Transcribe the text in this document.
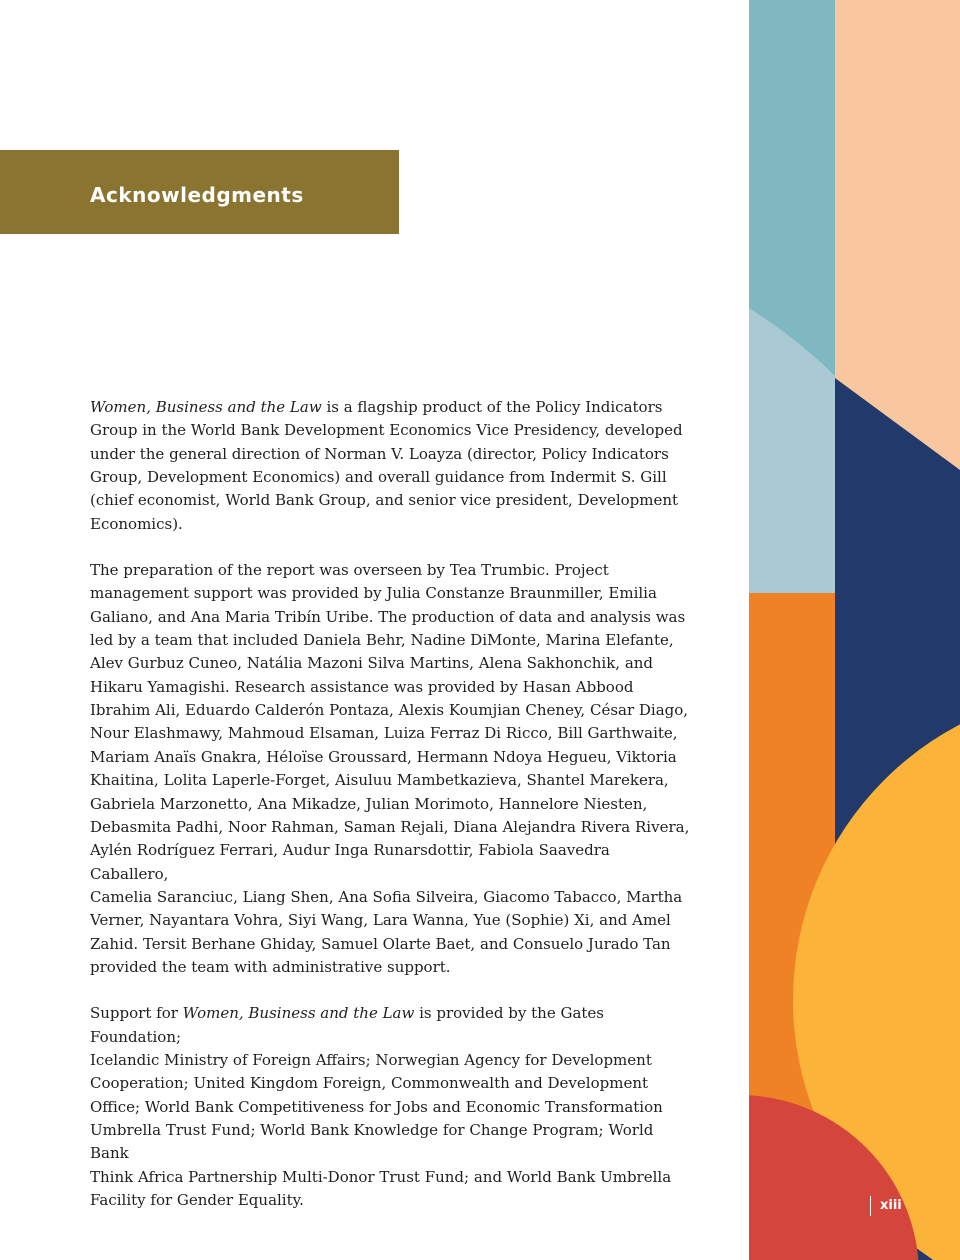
Acknowledgments

Women, Business and the Law is a flagship product of the Policy Indicators
Group in the World Bank Development Economics Vice Presidency, developed
under the general direction of Norman V. Loayza (director, Policy Indicators
Group, Development Economics) and overall guidance from Indermit S. Gill
(chief economist, World Bank Group, and senior vice president, Development
Economics).

The preparation of the report was overseen by Tea Trumbic. Project
management support was provided by Julia Constanze Braunmiller, Emilia
Galiano, and Ana Maria Tribín Uribe. The production of data and analysis was
led by a team that included Daniela Behr, Nadine DiMonte, Marina Elefante,
Alev Gurbuz Cuneo, Natália Mazoni Silva Martins, Alena Sakhonchik, and
Hikaru Yamagishi. Research assistance was provided by Hasan Abbood
Ibrahim Ali, Eduardo Calderón Pontaza, Alexis Koumjian Cheney, César Diago,
Nour Elashmawy, Mahmoud Elsaman, Luiza Ferraz Di Ricco, Bill Garthwaite,
Mariam Anaïs Gnakra, Héloïse Groussard, Hermann Ndoya Hegueu, Viktoria
Khaitina, Lolita Laperle-Forget, Aisuluu Mambetkazieva, Shantel Marekera,
Gabriela Marzonetto, Ana Mikadze, Julian Morimoto, Hannelore Niesten,
Debasmita Padhi, Noor Rahman, Saman Rejali, Diana Alejandra Rivera Rivera,
Aylén Rodríguez Ferrari, Audur Inga Runarsdottir, Fabiola Saavedra Caballero,
Camelia Saranciuc, Liang Shen, Ana Sofia Silveira, Giacomo Tabacco, Martha
Verner, Nayantara Vohra, Siyi Wang, Lara Wanna, Yue (Sophie) Xi, and Amel
Zahid. Tersit Berhane Ghiday, Samuel Olarte Baet, and Consuelo Jurado Tan
provided the team with administrative support.

Support for Women, Business and the Law is provided by the Gates Foundation;
Icelandic Ministry of Foreign Affairs; Norwegian Agency for Development
Cooperation; United Kingdom Foreign, Commonwealth and Development
Office; World Bank Competitiveness for Jobs and Economic Transformation
Umbrella Trust Fund; World Bank Knowledge for Change Program; World Bank
Think Africa Partnership Multi-Donor Trust Fund; and World Bank Umbrella
Facility for Gender Equality.	xiii
